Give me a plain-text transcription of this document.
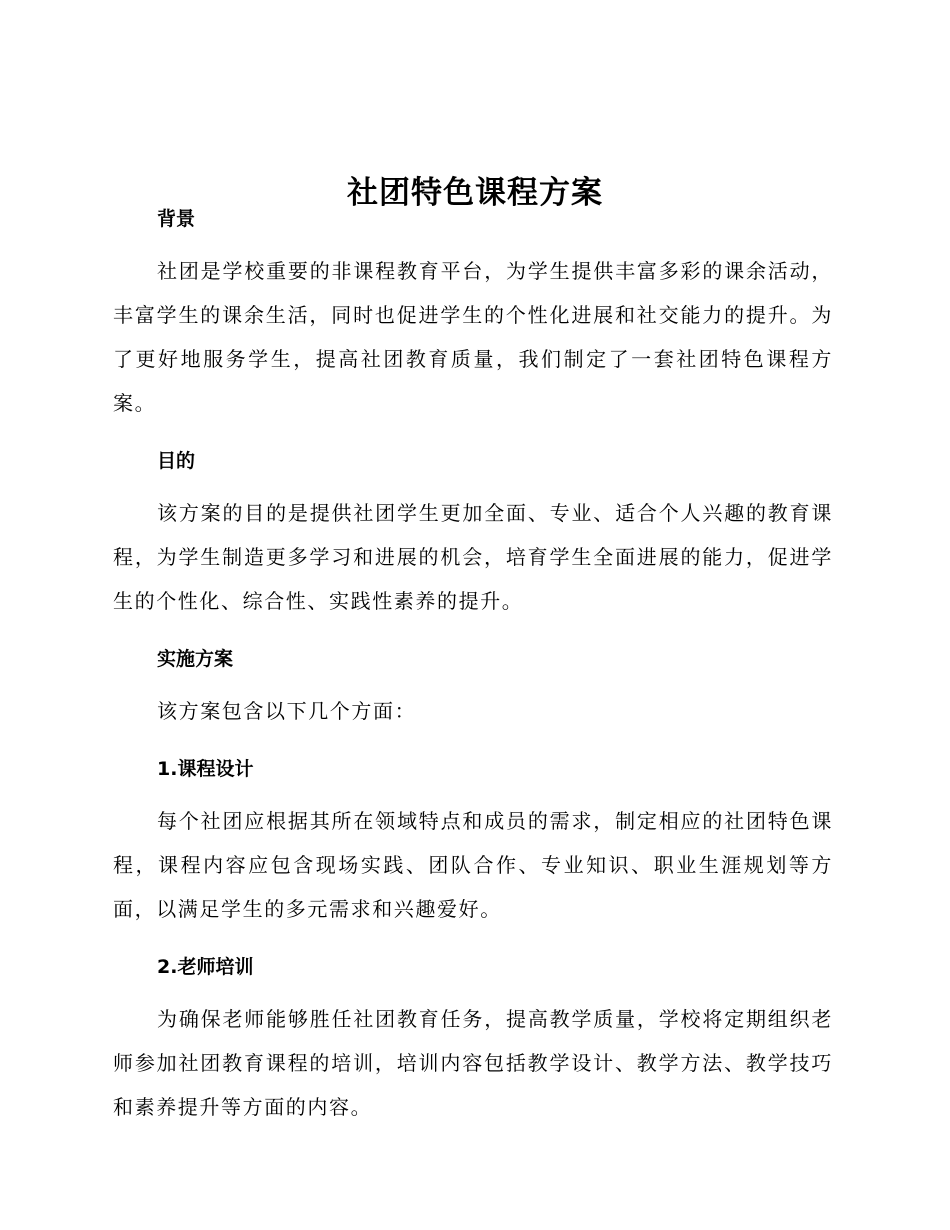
社团特色课程方案
背景

社团是学校重要的非课程教育平台，为学生提供丰富多彩的课余活动，丰富学生的课余生活，同时也促进学生的个性化进展和社交能力的提升。为了更好地服务学生，提高社团教育质量，我们制定了一套社团特色课程方案。

目的

该方案的目的是提供社团学生更加全面、专业、适合个人兴趣的教育课程，为学生制造更多学习和进展的机会，培育学生全面进展的能力，促进学生的个性化、综合性、实践性素养的提升。

实施方案

该方案包含以下几个方面：

1.课程设计

每个社团应根据其所在领域特点和成员的需求，制定相应的社团特色课程，课程内容应包含现场实践、团队合作、专业知识、职业生涯规划等方面，以满足学生的多元需求和兴趣爱好。

2.老师培训

为确保老师能够胜任社团教育任务，提高教学质量，学校将定期组织老师参加社团教育课程的培训，培训内容包括教学设计、教学方法、教学技巧和素养提升等方面的内容。
